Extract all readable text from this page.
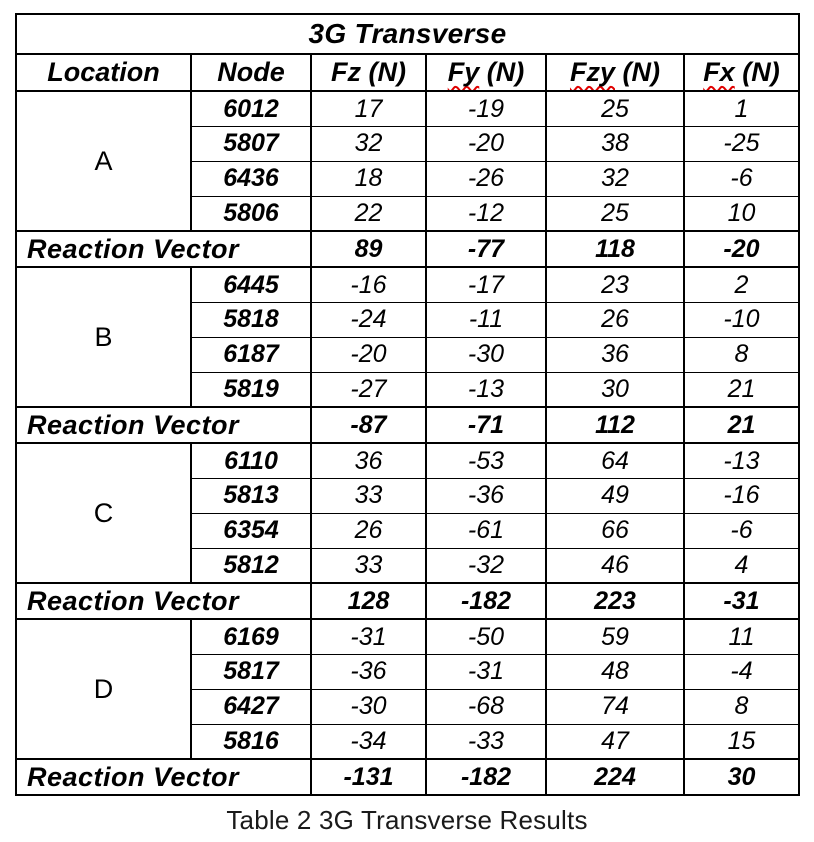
3G Transverse					
Location	Node	Fz (N)	Fy (N)	Fzy (N)	Fx (N)
A	6012	17	-19	25	1
	5807	32	-20	38	-25
	6436	18	-26	32	-6
	5806	22	-12	25	10
Reaction Vector		89	-77	118	-20
B	6445	-16	-17	23	2
	5818	-24	-11	26	-10
	6187	-20	-30	36	8
	5819	-27	-13	30	21
Reaction Vector		-87	-71	112	21
C	6110	36	-53	64	-13
	5813	33	-36	49	-16
	6354	26	-61	66	-6
	5812	33	-32	46	4
Reaction Vector		128	-182	223	-31
D	6169	-31	-50	59	11
	5817	-36	-31	48	-4
	6427	-30	-68	74	8
	5816	-34	-33	47	15
Reaction Vector		-131	-182	224	30
Table 2 3G Transverse Results
